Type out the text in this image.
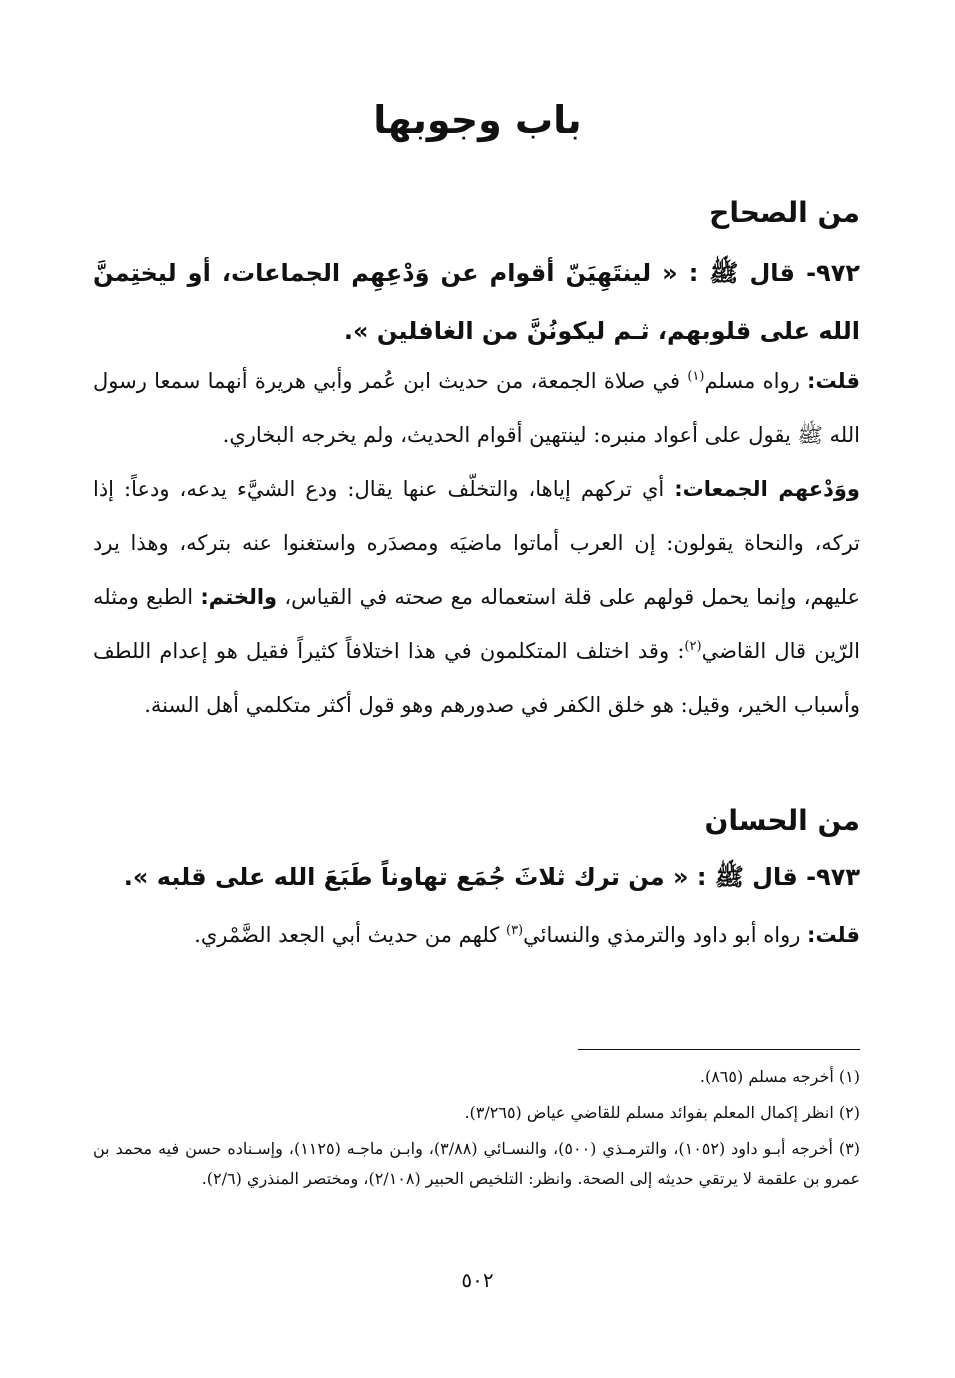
باب وجوبها
من الصحاح
٩٧٢- قال ﷺ : « لينتَهِيَنّ أقوام عن وَدْعِهِم الجماعات، أو ليختِمنَّ الله على قلوبهم، ثـم ليكونُنَّ من الغافلين ».
قلت: رواه مسلم$^{(١)}$ في صلاة الجمعة، من حديث ابن عُمر وأبي هريرة أنهما سمعا رسول الله ﷺ يقول على أعواد منبره: لينتهين أقوام الحديث، ولم يخرجه البخاري.
ووَدْعهم الجمعات: أي تركهم إياها، والتخلّف عنها يقال: ودع الشيَّء يدعه، ودعاً: إذا تركه، والنحاة يقولون: إن العرب أماتوا ماضيَه ومصدَره واستغنوا عنه بتركه، وهذا يرد عليهم، وإنما يحمل قولهم على قلة استعماله مع صحته في القياس، والختم: الطبع ومثله الرّين قال القاضي$^{(٢)}$: وقد اختلف المتكلمون في هذا اختلافاً كثيراً فقيل هو إعدام اللطف وأسباب الخير، وقيل: هو خلق الكفر في صدورهم وهو قول أكثر متكلمي أهل السنة.
من الحسان
٩٧٣- قال ﷺ : « من ترك ثلاثَ جُمَع تهاوناً طَبَعَ الله على قلبه ».
قلت: رواه أبو داود والترمذي والنسائي$^{(٣)}$ كلهم من حديث أبي الجعد الضَّمْري.

(١) أخرجه مسلم (٨٦٥).

(٢) انظر إكمال المعلم بفوائد مسلم للقاضي عياض (٣/٢٦٥).

(٣) أخرجه أبـو داود (١٠٥٢)، والترمـذي (٥٠٠)، والنسـائي (٣/٨٨)، وابـن ماجـه (١١٢٥)، وإسـناده حسن فيه محمد بن عمرو بن علقمة لا يرتقي حديثه إلى الصحة. وانظر: التلخيص الحبير (٢/١٠٨)، ومختصر المنذري (٢/٦).

٥٠٢
